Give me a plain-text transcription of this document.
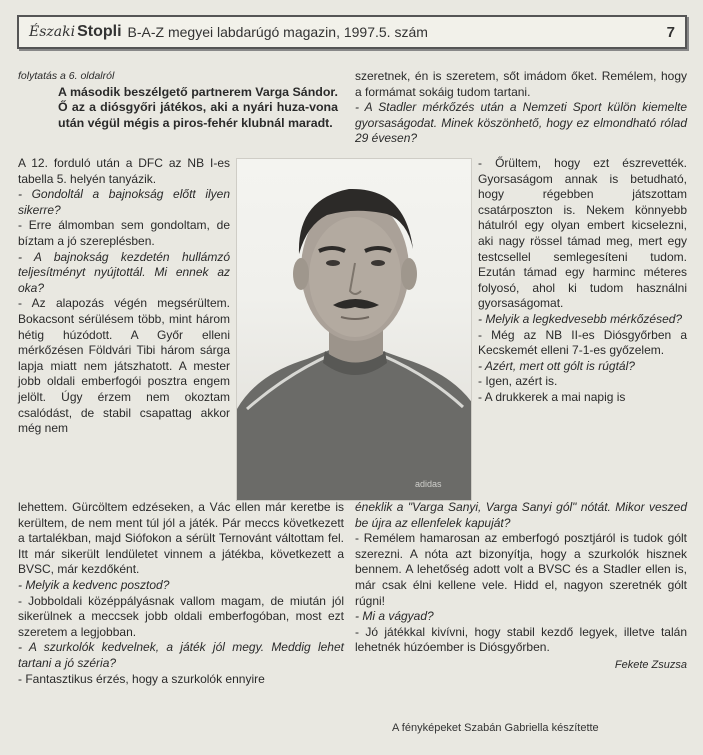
Északi Stopli B-A-Z megyei labdarúgó magazin, 1997.5. szám	7

folytatás a 6. oldalról

A második beszélgető partnerem Varga Sándor. Ő az a diósgyőri játékos, aki a nyári huza-vona után végül mégis a piros-fehér klubnál maradt.

szeretnek, én is szeretem, sőt imádom őket. Remélem, hogy a formámat sokáig tudom tartani.

- A Stadler mérkőzés után a Nemzeti Sport külön kiemelte gyorsaságodat. Minek köszönhető, hogy ez elmondható rólad 29 évesen?

A 12. forduló után a DFC az NB I-es tabella 5. helyén tanyázik.

- Gondoltál a bajnokság előtt ilyen sikerre?

- Erre álmomban sem gondoltam, de bíztam a jó szereplésben.

- A bajnokság kezdetén hullámzó teljesítményt nyújtottál. Mi ennek az oka?

- Az alapozás végén megsérültem. Bokacsont sérülésem több, mint három hétig húzódott. A Győr elleni mérkőzésen Földvári Tibi három sárga lapja miatt nem játszhatott. A mester jobb oldali emberfogói posztra engem jelölt. Úgy érzem nem okoztam csalódást, de stabil csapattag akkor még nem

adidas

- Őrültem, hogy ezt észrevették. Gyorsaságom annak is betudható, hogy régebben játszottam csatárposzton is. Nekem könnyebb hátulról egy olyan embert kicselezni, aki nagy rössel támad meg, mert egy testcsellel semlegesíteni tudom. Ezután támad egy harminc méteres folyosó, ahol ki tudom használni gyorsaságomat.

- Melyik a legkedvesebb mérkőzésed?

- Még az NB II-es Diósgyőrben a Kecskemét elleni 7-1-es győzelem.

- Azért, mert ott gólt is rúgtál?

- Igen, azért is.

- A drukkerek a mai napig is

lehettem. Gürcöltem edzéseken, a Vác ellen már keretbe is kerültem, de nem ment túl jól a játék. Pár meccs következett a tartalékban, majd Siófokon a sérült Ternovánt váltottam fel. Itt már sikerült lendületet vinnem a játékba, következett a BVSC, már kezdőként.

- Melyik a kedvenc posztod?

- Jobboldali középpályásnak vallom magam, de miután jól sikerülnek a meccsek jobb oldali emberfogóban, most ezt szeretem a legjobban.

- A szurkolók kedvelnek, a játék jól megy. Meddig lehet tartani a jó széria?

- Fantasztikus érzés, hogy a szurkolók ennyire

éneklik a "Varga Sanyi, Varga Sanyi gól" nótát. Mikor veszed be újra az ellenfelek kapuját?

- Remélem hamarosan az emberfogó posztjáról is tudok gólt szerezni. A nóta azt bizonyítja, hogy a szurkolók hisznek bennem. A lehetőség adott volt a BVSC és a Stadler ellen is, már csak élni kellene vele. Hidd el, nagyon szeretnék gólt rúgni!

- Mi a vágyad?

- Jó játékkal kivívni, hogy stabil kezdő legyek, illetve talán lehetnék húzóember is Diósgyőrben.

Fekete Zsuzsa

A fényképeket Szabán Gabriella készítette
